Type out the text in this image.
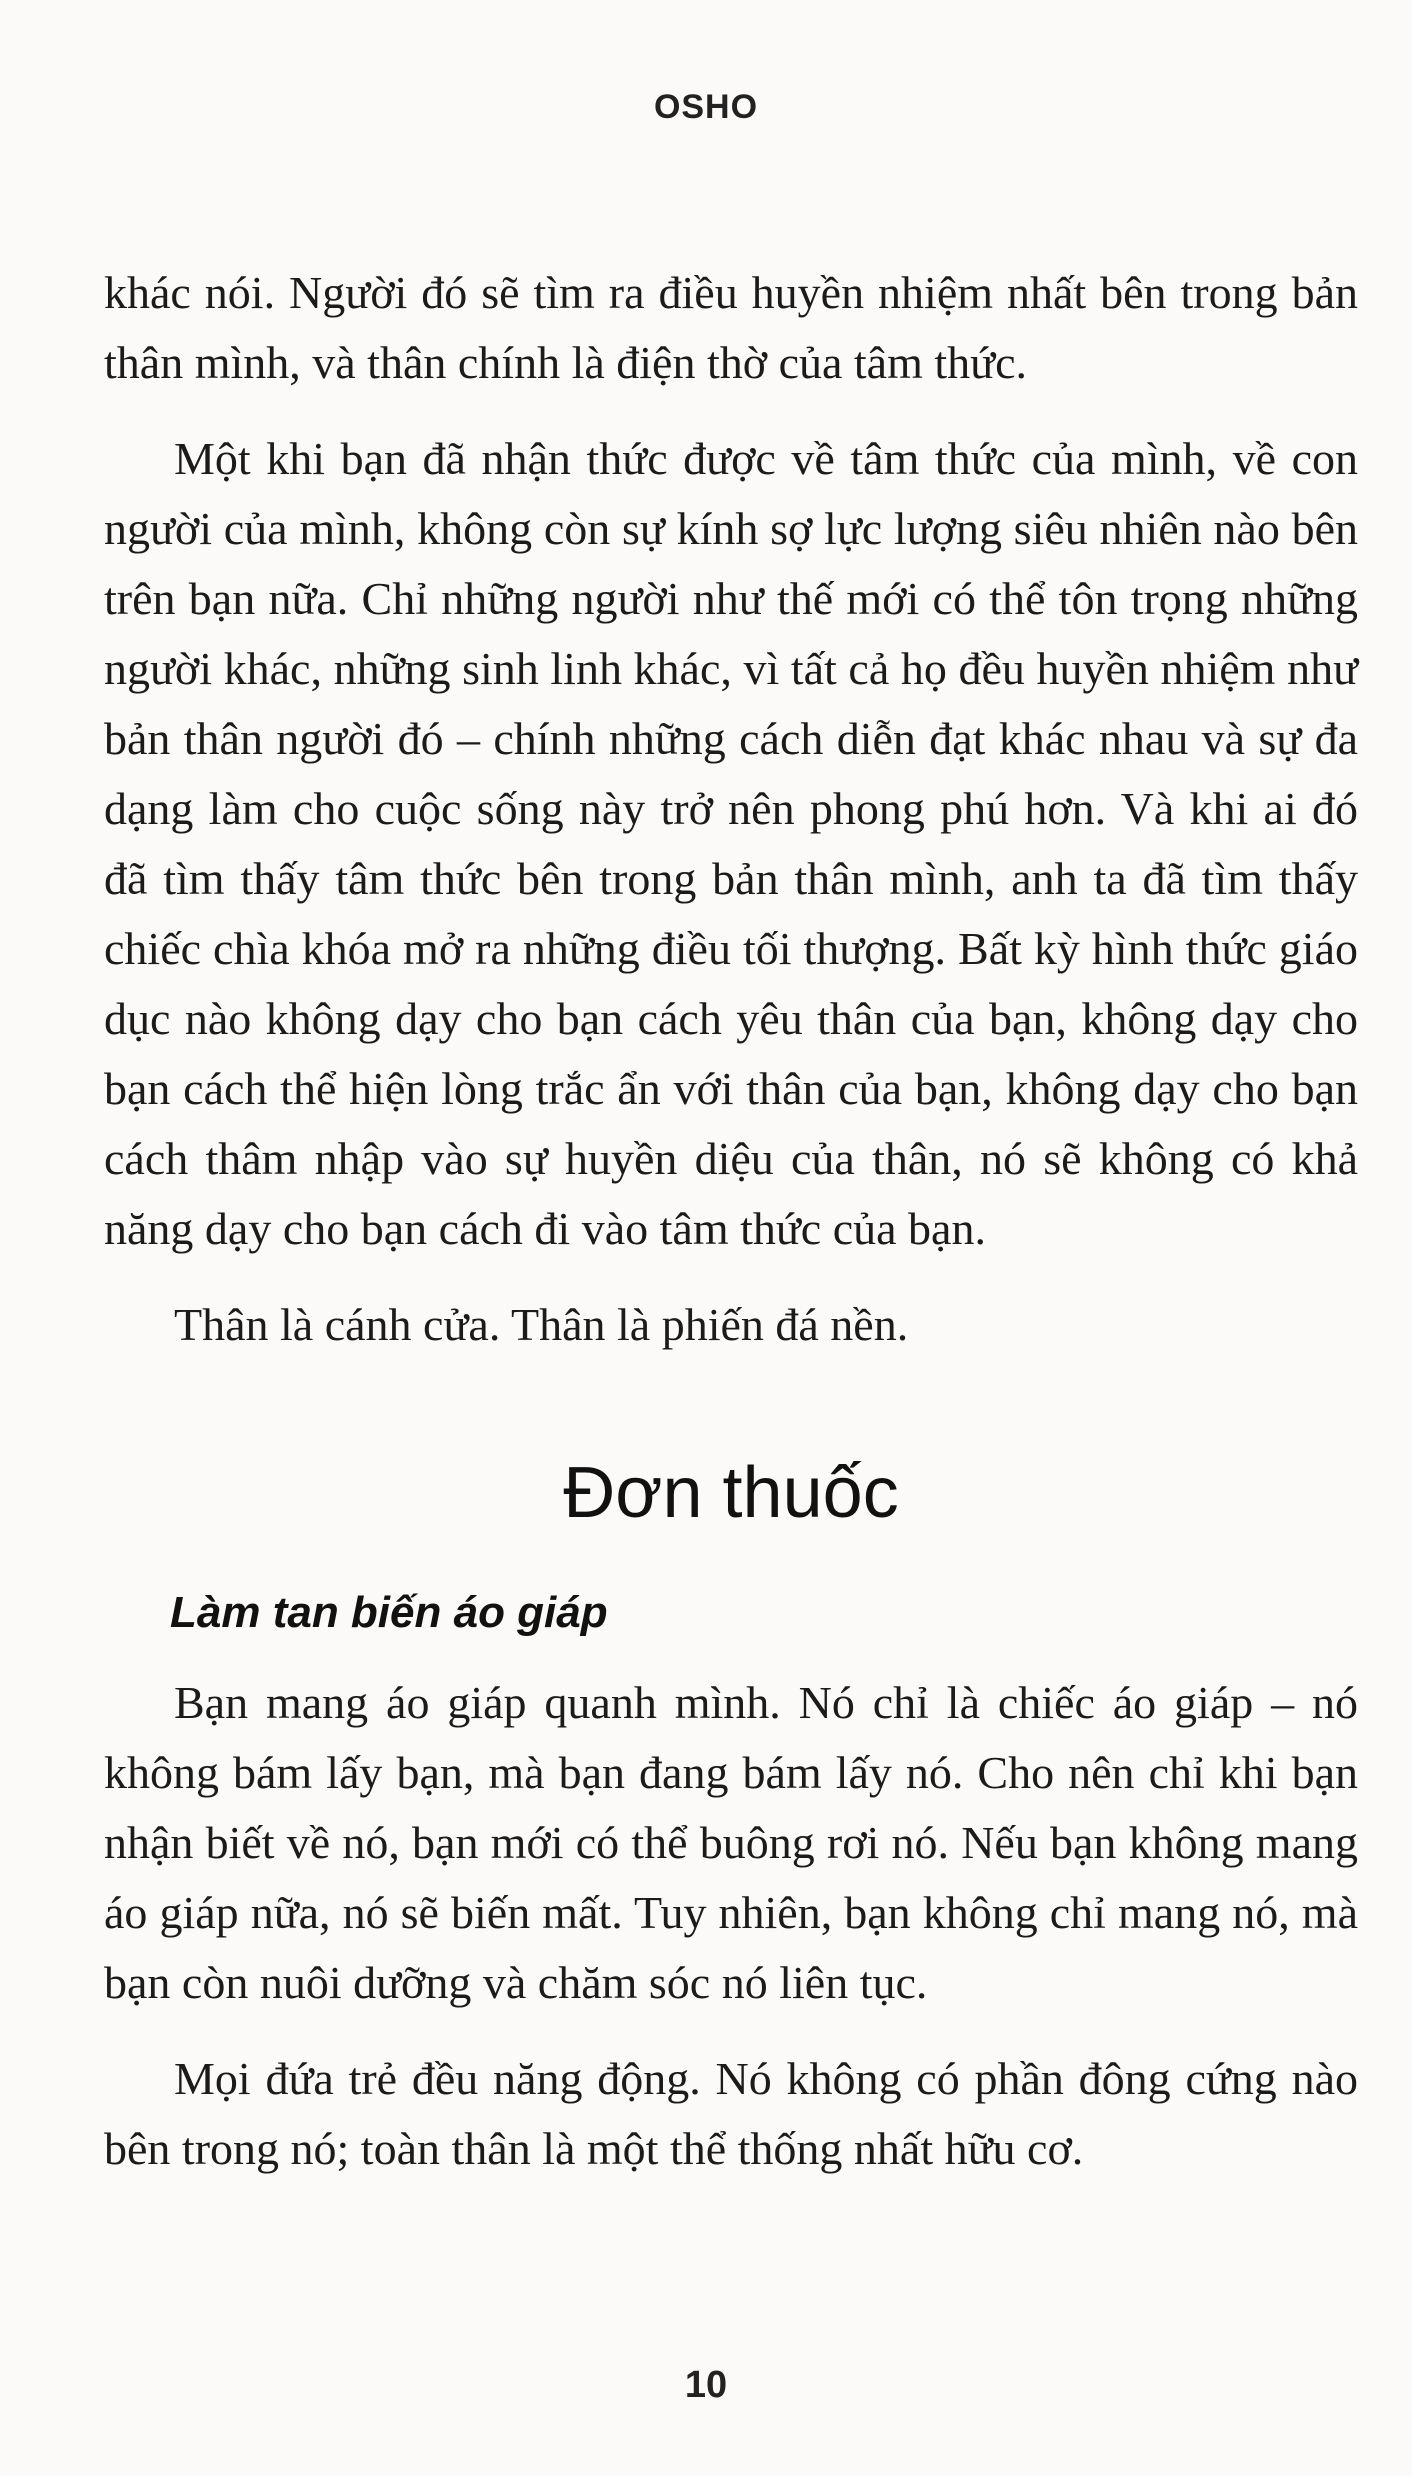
OSHO

khác nói. Người đó sẽ tìm ra điều huyền nhiệm nhất bên trong bản thân mình, và thân chính là điện thờ của tâm thức.

Một khi bạn đã nhận thức được về tâm thức của mình, về con người của mình, không còn sự kính sợ lực lượng siêu nhiên nào bên trên bạn nữa. Chỉ những người như thế mới có thể tôn trọng những người khác, những sinh linh khác, vì tất cả họ đều huyền nhiệm như bản thân người đó – chính những cách diễn đạt khác nhau và sự đa dạng làm cho cuộc sống này trở nên phong phú hơn. Và khi ai đó đã tìm thấy tâm thức bên trong bản thân mình, anh ta đã tìm thấy chiếc chìa khóa mở ra những điều tối thượng. Bất kỳ hình thức giáo dục nào không dạy cho bạn cách yêu thân của bạn, không dạy cho bạn cách thể hiện lòng trắc ẩn với thân của bạn, không dạy cho bạn cách thâm nhập vào sự huyền diệu của thân, nó sẽ không có khả năng dạy cho bạn cách đi vào tâm thức của bạn.

Thân là cánh cửa. Thân là phiến đá nền.

Đơn thuốc
Làm tan biến áo giáp

Bạn mang áo giáp quanh mình. Nó chỉ là chiếc áo giáp – nó không bám lấy bạn, mà bạn đang bám lấy nó. Cho nên chỉ khi bạn nhận biết về nó, bạn mới có thể buông rơi nó. Nếu bạn không mang áo giáp nữa, nó sẽ biến mất. Tuy nhiên, bạn không chỉ mang nó, mà bạn còn nuôi dưỡng và chăm sóc nó liên tục.

Mọi đứa trẻ đều năng động. Nó không có phần đông cứng nào bên trong nó; toàn thân là một thể thống nhất hữu cơ.

10
